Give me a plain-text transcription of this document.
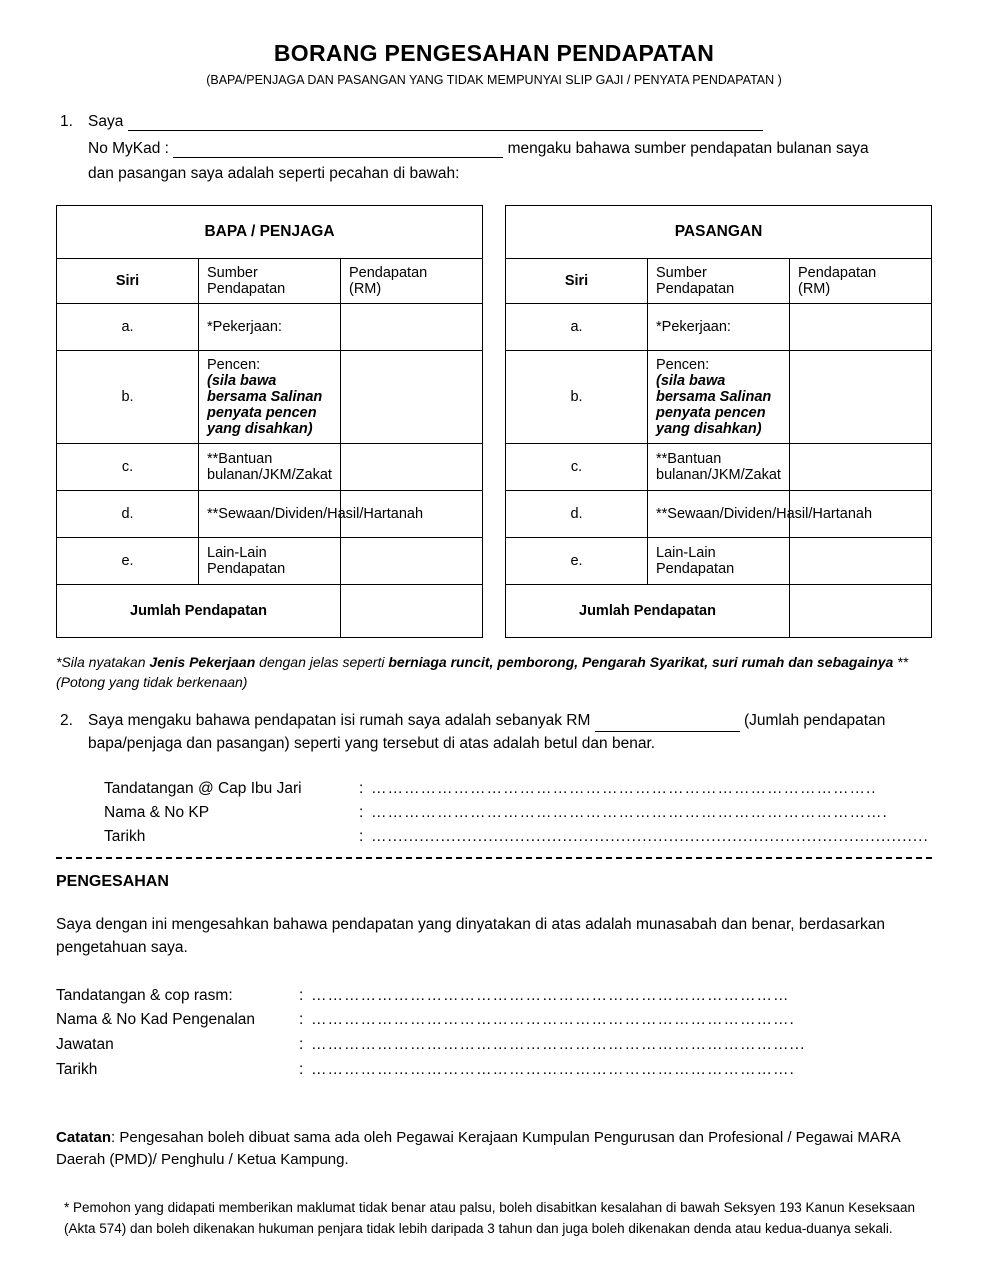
BORANG PENGESAHAN PENDAPATAN
(BAPA/PENJAGA DAN PASANGAN YANG TIDAK MEMPUNYAI SLIP GAJI / PENYATA PENDAPATAN )
1. Saya
No MyKad :	mengaku bahawa sumber pendapatan bulanan saya
dan pasangan saya adalah seperti pecahan di bawah:
BAPA / PENJAGA		
Siri	Sumber Pendapatan	Pendapatan
(RM)

a.	*Pekerjaan:	
b.	Pencen:
(sila bawa bersama Salinan penyata pencen yang disahkan)	

c.	**Bantuan bulanan/JKM/Zakat	
d.	**Sewaan/Dividen/Hasil/Hartanah	
e.	Lain-Lain Pendapatan	
Jumlah Pendapatan		
PASANGAN		
Siri	Sumber Pendapatan	Pendapatan
(RM)

a.	*Pekerjaan:	
b.	Pencen:
(sila bawa bersama Salinan penyata pencen yang disahkan)	

c.	**Bantuan bulanan/JKM/Zakat	
d.	**Sewaan/Dividen/Hasil/Hartanah	
e.	Lain-Lain Pendapatan	
Jumlah Pendapatan		
*Sila nyatakan Jenis Pekerjaan dengan jelas seperti berniaga runcit, pemborong, Pengarah Syarikat, suri rumah dan sebagainya ** (Potong yang tidak berkenaan)
2. Saya mengaku bahawa pendapatan isi rumah saya adalah sebanyak RM	(Jumlah pendapatan bapa/penjaga dan pasangan) seperti yang tersebut di atas adalah betul dan benar.
Tandatangan @ Cap Ibu Jari	: ………………………………………………………………………………..
Nama & No KP	: ………………………………………………………………………………….
Tarikh	: …......................................................................................................
PENGESAHAN
Saya dengan ini mengesahkan bahawa pendapatan yang dinyatakan di atas adalah munasabah dan benar, berdasarkan pengetahuan saya.
Tandatangan & cop rasm:	: ……………………………………………………………………………
Nama & No Kad Pengenalan	: …………………………………………………………………………….
Jawatan	: ……………………………………………………………………………...
Tarikh	: …………………………………………………………………………….
Catatan: Pengesahan boleh dibuat sama ada oleh Pegawai Kerajaan Kumpulan Pengurusan dan Profesional / Pegawai MARA Daerah (PMD)/ Penghulu / Ketua Kampung.
* Pemohon yang didapati memberikan maklumat tidak benar atau palsu, boleh disabitkan kesalahan di bawah Seksyen 193 Kanun Keseksaan (Akta 574) dan boleh dikenakan hukuman penjara tidak lebih daripada 3 tahun dan juga boleh dikenakan denda atau kedua-duanya sekali.
